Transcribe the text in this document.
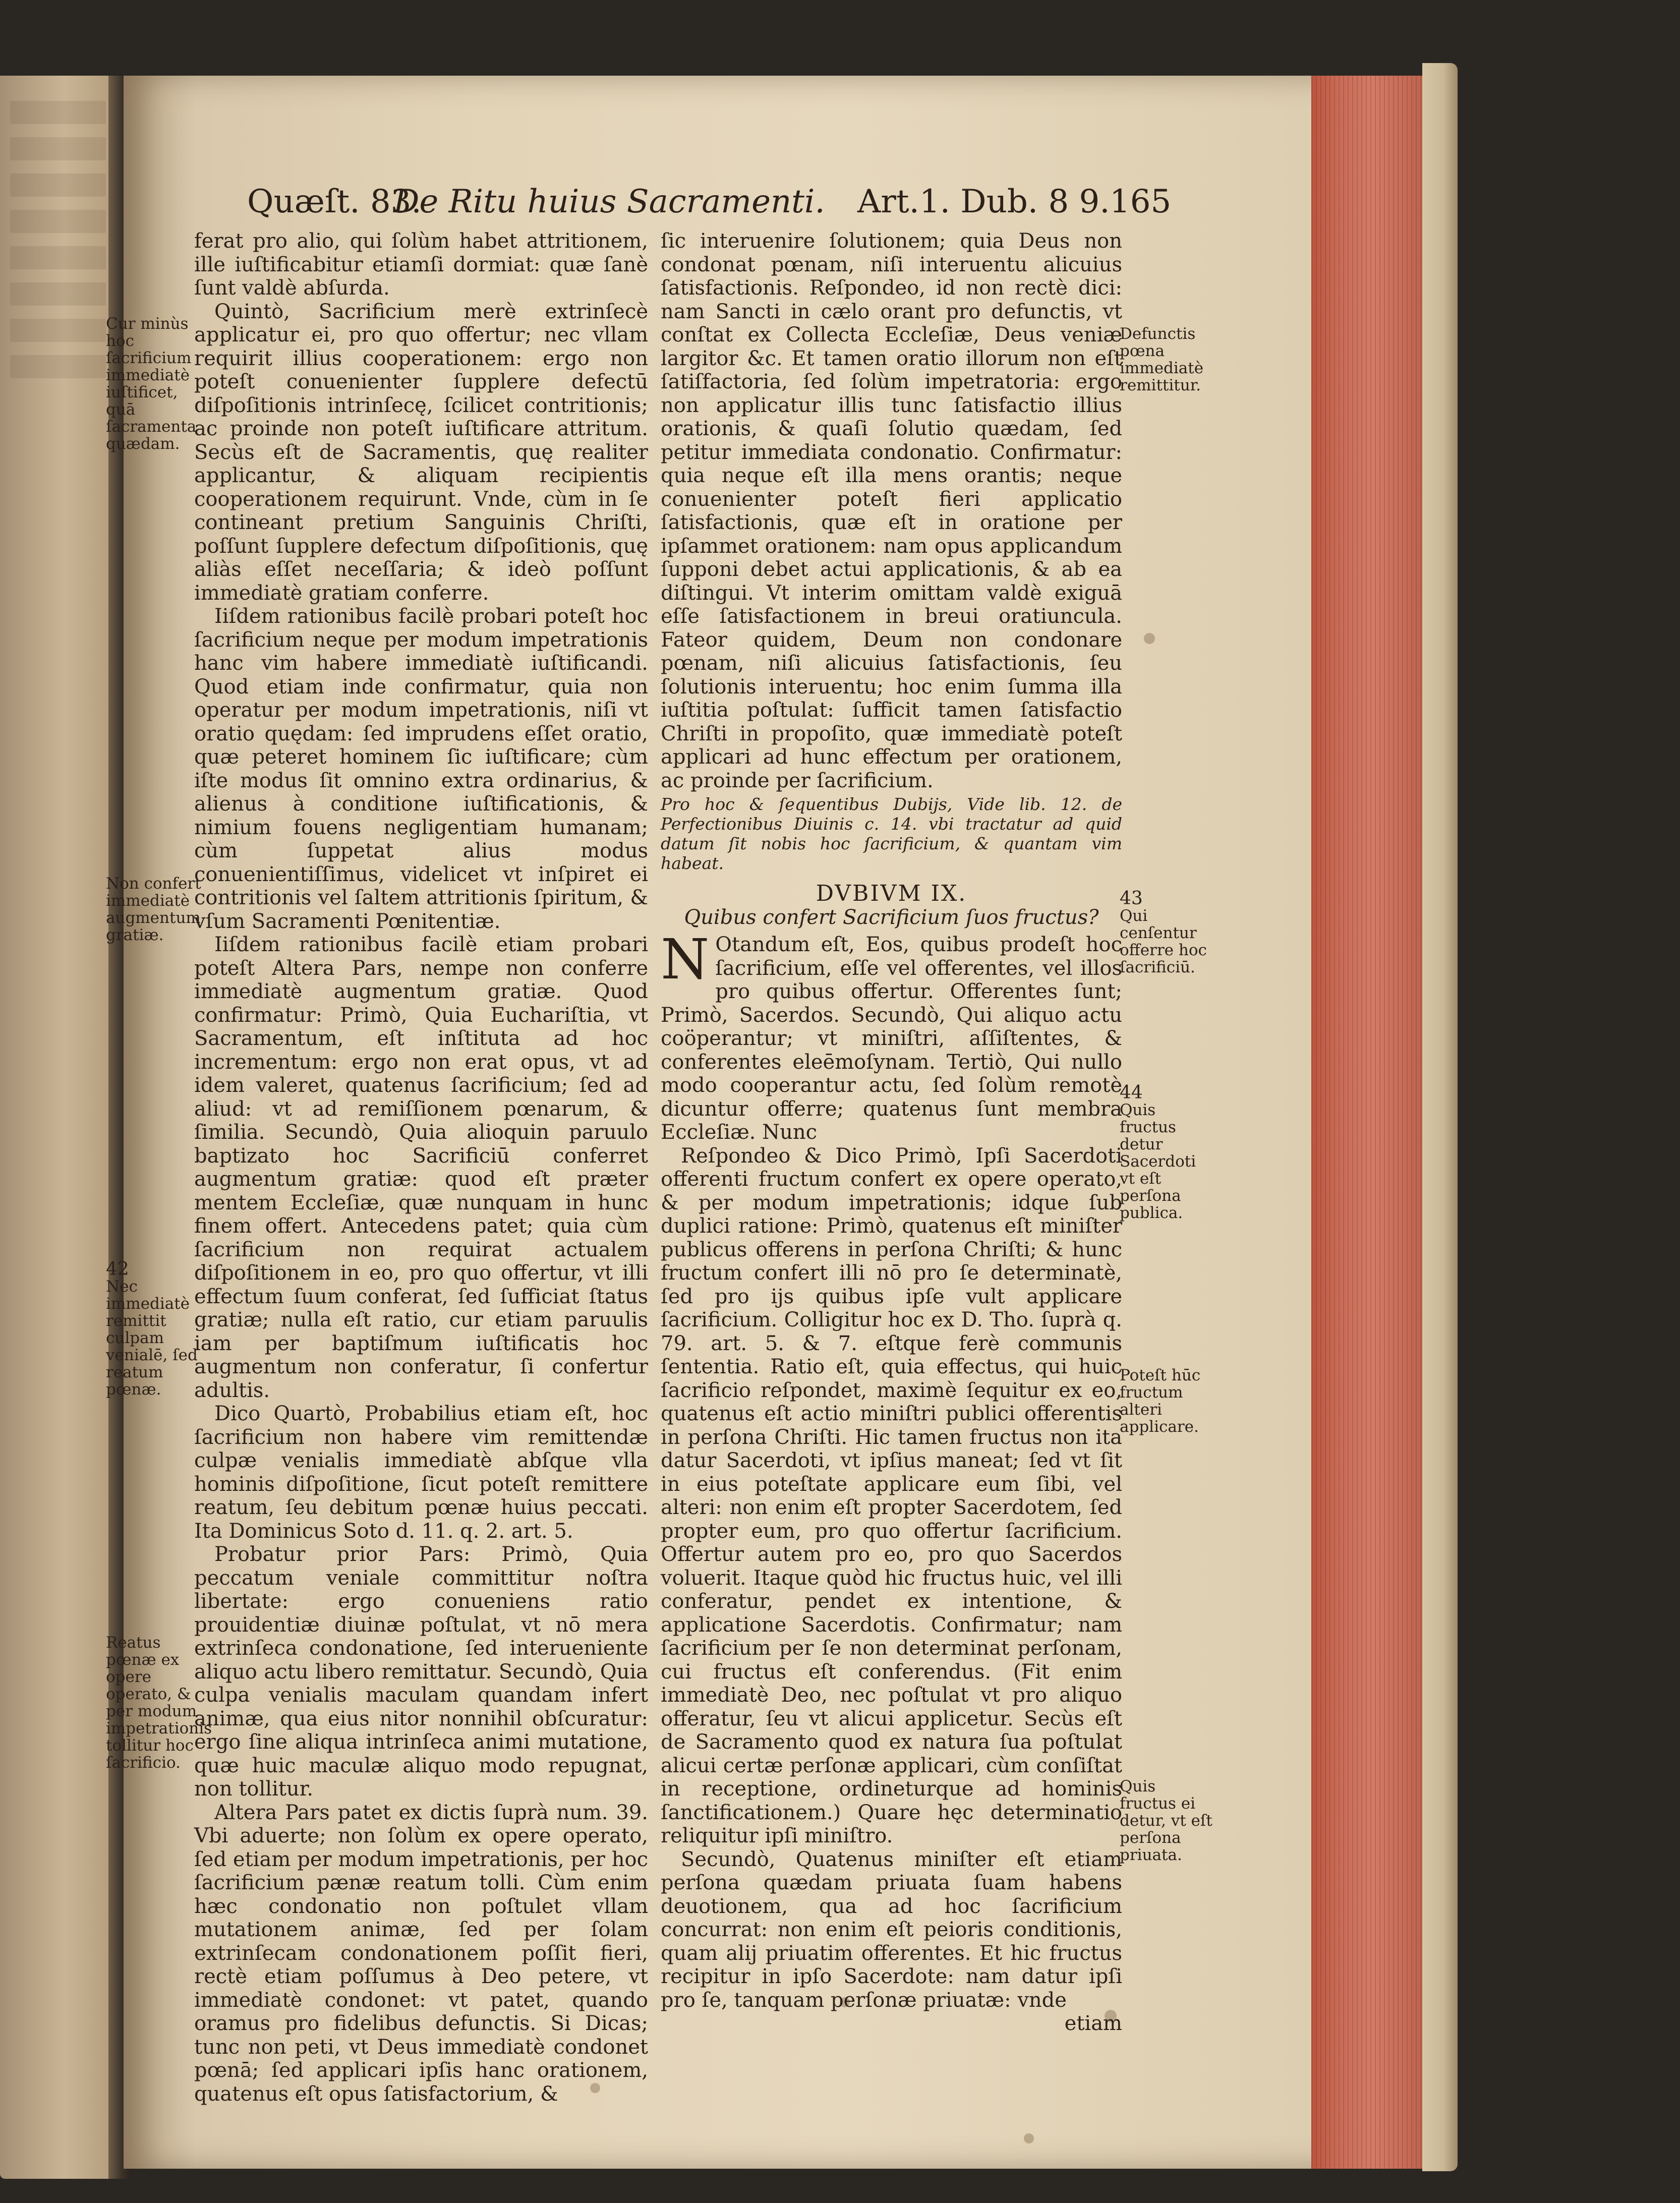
Quæſt. 83.
De Ritu huius Sacramenti. Art.1. Dub. 8 9. 165

ferat pro alio, qui ſolùm habet attritionem, ille iuſtificabitur etiamſi dormiat: quæ ſanè ſunt valdè abſurda.

Quintò, Sacrificium merè extrinſecè applicatur ei, pro quo offertur; nec vllam requirit illius cooperationem: ergo non poteſt conuenienter ſupplere defectū diſpoſitionis intrinſecę, ſcilicet contritionis; ac proinde non poteſt iuſtificare attritum. Secùs eſt de Sacramentis, quę realiter applicantur, & aliquam recipientis cooperationem requirunt. Vnde, cùm in ſe contineant pretium Sanguinis Chriſti, poſſunt ſupplere defectum diſpoſitionis, quę aliàs eſſet neceſſaria; & ideò poſſunt immediatè gratiam conferre.

Iiſdem rationibus facilè probari poteſt hoc ſacrificium neque per modum impetrationis hanc vim habere immediatè iuſtificandi. Quod etiam inde confirmatur, quia non operatur per modum impetrationis, niſi vt oratio quędam: ſed imprudens eſſet oratio, quæ peteret hominem ſic iuſtificare; cùm iſte modus ſit omnino extra ordinarius, & alienus à conditione iuſtificationis, & nimium fouens negligentiam humanam; cùm ſuppetat alius modus conuenientiſſimus, videlicet vt inſpiret ei contritionis vel ſaltem attritionis ſpiritum, & vſum Sacramenti Pœnitentiæ.

Iiſdem rationibus facilè etiam probari poteſt Altera Pars, nempe non conferre immediatè augmentum gratiæ. Quod confirmatur: Primò, Quia Euchariſtia, vt Sacramentum, eſt inſtituta ad hoc incrementum: ergo non erat opus, vt ad idem valeret, quatenus ſacrificium; ſed ad aliud: vt ad remiſſionem pœnarum, & ſimilia. Secundò, Quia alioquin paruulo baptizato hoc Sacrificiū conferret augmentum gratiæ: quod eſt præter mentem Eccleſiæ, quæ nunquam in hunc finem offert. Antecedens patet; quia cùm ſacrificium non requirat actualem diſpoſitionem in eo, pro quo offertur, vt illi effectum ſuum conferat, ſed ſufficiat ſtatus gratiæ; nulla eſt ratio, cur etiam paruulis iam per baptiſmum iuſtificatis hoc augmentum non conferatur, ſi confertur adultis.

Dico Quartò, Probabilius etiam eſt, hoc ſacrificium non habere vim remittendæ culpæ venialis immediatè abſque vlla hominis diſpoſitione, ſicut poteſt remittere reatum, ſeu debitum pœnæ huius peccati. Ita Dominicus Soto d. 11. q. 2. art. 5.

Probatur prior Pars: Primò, Quia peccatum veniale committitur noſtra libertate: ergo conueniens ratio prouidentiæ diuinæ poſtulat, vt nō mera extrinſeca condonatione, ſed interueniente aliquo actu libero remittatur. Secundò, Quia culpa venialis maculam quandam infert animæ, qua eius nitor nonnihil obſcuratur: ergo ſine aliqua intrinſeca animi mutatione, quæ huic maculæ aliquo modo repugnat, non tollitur.

Altera Pars patet ex dictis ſuprà num. 39. Vbi aduerte; non ſolùm ex opere operato, ſed etiam per modum impetrationis, per hoc ſacrificium pænæ reatum tolli. Cùm enim hæc condonatio non poſtulet vllam mutationem animæ, ſed per ſolam extrinſecam condonationem poſſit fieri, rectè etiam poſſumus à Deo petere, vt immediatè condonet: vt patet, quando oramus pro fidelibus defunctis. Si Dicas; tunc non peti, vt Deus immediatè condonet pœnā; ſed applicari ipſis hanc orationem, quatenus eſt opus ſatisfactorium, &

ſic interuenire ſolutionem; quia Deus non condonat pœnam, niſi interuentu alicuius ſatisfactionis. Reſpondeo, id non rectè dici: nam Sancti in cælo orant pro defunctis, vt conſtat ex Collecta Eccleſiæ, Deus veniæ largitor &c. Et tamen oratio illorum non eſt ſatiſfactoria, ſed ſolùm impetratoria: ergo non applicatur illis tunc ſatisfactio illius orationis, & quaſi ſolutio quædam, ſed petitur immediata condonatio. Confirmatur: quia neque eſt illa mens orantis; neque conuenienter poteſt fieri applicatio ſatisfactionis, quæ eſt in oratione per ipſammet orationem: nam opus applicandum ſupponi debet actui applicationis, & ab ea diſtingui. Vt interim omittam valdè exiguā eſſe ſatisfactionem in breui oratiuncula. Fateor quidem, Deum non condonare pœnam, niſi alicuius ſatisfactionis, ſeu ſolutionis interuentu; hoc enim ſumma illa iuſtitia poſtulat: ſufficit tamen ſatisfactio Chriſti in propoſito, quæ immediatè poteſt applicari ad hunc effectum per orationem, ac proinde per ſacrificium.

Pro hoc & ſequentibus Dubijs, Vide lib. 12. de Perfectionibus Diuinis c. 14. vbi tractatur ad quid datum ſit nobis hoc ſacrificium, & quantam vim habeat.

DVBIVM IX.

Quibus confert Sacrificium ſuos fructus?

N Otandum eſt, Eos, quibus prodeſt hoc ſacrificium, eſſe vel offerentes, vel illos pro quibus offertur. Offerentes ſunt; Primò, Sacerdos. Secundò, Qui aliquo actu coöperantur; vt miniſtri, aſſiſtentes, & conferentes eleēmoſynam. Tertiò, Qui nullo modo cooperantur actu, ſed ſolùm remotè dicuntur offerre; quatenus ſunt membra Eccleſiæ. Nunc

Reſpondeo & Dico Primò, Ipſi Sacerdoti offerenti fructum confert ex opere operato, & per modum impetrationis; idque ſub duplici ratione: Primò, quatenus eſt miniſter publicus offerens in perſona Chriſti; & hunc fructum confert illi nō pro ſe determinatè, ſed pro ijs quibus ipſe vult applicare ſacrificium. Colligitur hoc ex D. Tho. ſuprà q. 79. art. 5. & 7. eſtque ferè communis ſententia. Ratio eſt, quia effectus, qui huic ſacrificio reſpondet, maximè ſequitur ex eo, quatenus eſt actio miniſtri publici offerentis in perſona Chriſti. Hic tamen fructus non ita datur Sacerdoti, vt ipſius maneat; ſed vt ſit in eius poteſtate applicare eum ſibi, vel alteri: non enim eſt propter Sacerdotem, ſed propter eum, pro quo offertur ſacrificium. Offertur autem pro eo, pro quo Sacerdos voluerit. Itaque quòd hic fructus huic, vel illi conferatur, pendet ex intentione, & applicatione Sacerdotis. Confirmatur; nam ſacrificium per ſe non determinat perſonam, cui fructus eſt conferendus. (Fit enim immediatè Deo, nec poſtulat vt pro aliquo offeratur, ſeu vt alicui applicetur. Secùs eſt de Sacramento quod ex natura ſua poſtulat alicui certæ perſonæ applicari, cùm conſiſtat in receptione, ordineturque ad hominis ſanctificationem.) Quare hęc determinatio reliquitur ipſi miniſtro.

Secundò, Quatenus miniſter eſt etiam perſona quædam priuata ſuam habens deuotionem, qua ad hoc ſacrificium concurrat: non enim eſt peioris conditionis, quam alij priuatim offerentes. Et hic fructus recipitur in ipſo Sacerdote: nam datur ipſi pro ſe, tanquam perſonæ priuatæ: vnde

etiam

Cur minùs hoc ſacrificium immediatè iuſtificet, quā ſacramenta quædam.
Non confert immediatè augmentum gratiæ.
42
Nec immediatè remittit culpam venialē, ſed reatum pœnæ.
Reatus pœnæ ex opere operato, & per modum impetrationis tollitur hoc ſacrificio.
Defunctis pœna immediatè remittitur.
43
Qui cenſentur offerre hoc ſacrificiū.
44
Quis fructus detur Sacerdoti vt eſt perſona publica.
Poteſt hūc fructum alteri applicare.
Quis fructus ei detur, vt eſt perſona priuata.
